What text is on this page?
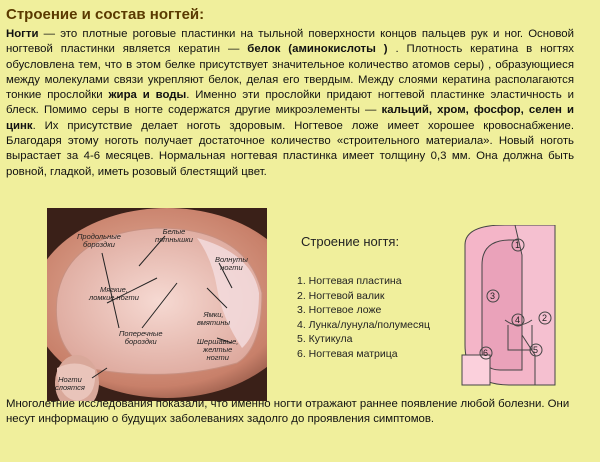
Строение и состав ногтей:
Ногти — это плотные роговые пластинки на тыльной поверхности концов пальцев рук и ног. Основой ногтевой пластинки является кератин — белок (аминокислоты ) . Плотность кератина в ногтях обусловлена тем, что в этом белке присутствует значительное количество атомов серы) , образующиеся между молекулами связи укрепляют белок, делая его твердым. Между слоями кератина располагаются тонкие прослойки жира и воды. Именно эти прослойки придают ногтевой пластинке эластичность и блеск. Помимо серы в ногте содержатся другие микроэлементы — кальций, хром, фосфор, селен и цинк. Их присутствие делает ноготь здоровым. Ногтевое ложе имеет хорошее кровоснабжение. Благодаря этому ноготь получает достаточное количество «строительного материала». Новый ноготь вырастает за 4-6 месяцев. Нормальная ногтевая пластинка имеет толщину 0,3 мм. Она должна быть ровной, гладкой, иметь розовый блестящий цвет.
Продольные
бороздки
Белые
пятнышки
Волнуты
ногти
Мягкие,
ломкие ногти
Ямки,
вмятины
Поперечные
бороздки	Шершавые,
желтые
ногти
Ногти
слоятся
Строение ногтя:
1. Ногтевая пластина
2. Ногтевой валик
3. Ногтевое ложе
4. Лунка/лунула/полумесяц
5. Кутикула
6. Ногтевая матрица
1
2
3
4
5
6
Многолетние исследования показали, что именно ногти отражают раннее появление любой болезни. Они несут информацию о будущих заболеваниях задолго до проявления симптомов.
